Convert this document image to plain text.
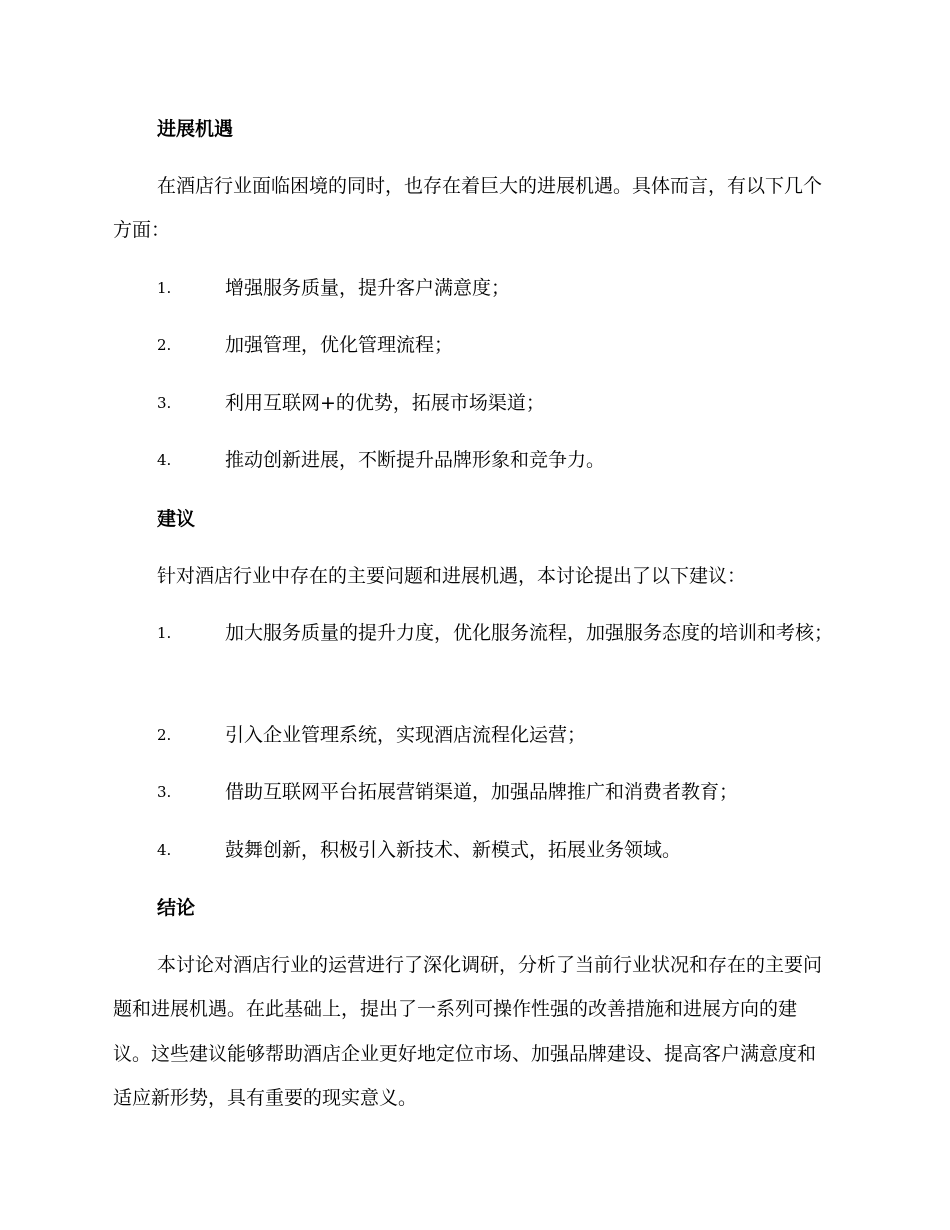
进展机遇
在酒店行业面临困境的同时，也存在着巨大的进展机遇。具体而言，有以下几个方面：
1.	增强服务质量，提升客户满意度；
2.	加强管理，优化管理流程；
3.	利用互联网+的优势，拓展市场渠道；
4.	推动创新进展，不断提升品牌形象和竞争力。
建议
针对酒店行业中存在的主要问题和进展机遇，本讨论提出了以下建议：
1.	加大服务质量的提升力度，优化服务流程，加强服务态度的培训和考核；
2.	引入企业管理系统，实现酒店流程化运营；
3.	借助互联网平台拓展营销渠道，加强品牌推广和消费者教育；
4.	鼓舞创新，积极引入新技术、新模式，拓展业务领域。
结论
本讨论对酒店行业的运营进行了深化调研，分析了当前行业状况和存在的主要问题和进展机遇。在此基础上，提出了一系列可操作性强的改善措施和进展方向的建议。这些建议能够帮助酒店企业更好地定位市场、加强品牌建设、提高客户满意度和适应新形势，具有重要的现实意义。
